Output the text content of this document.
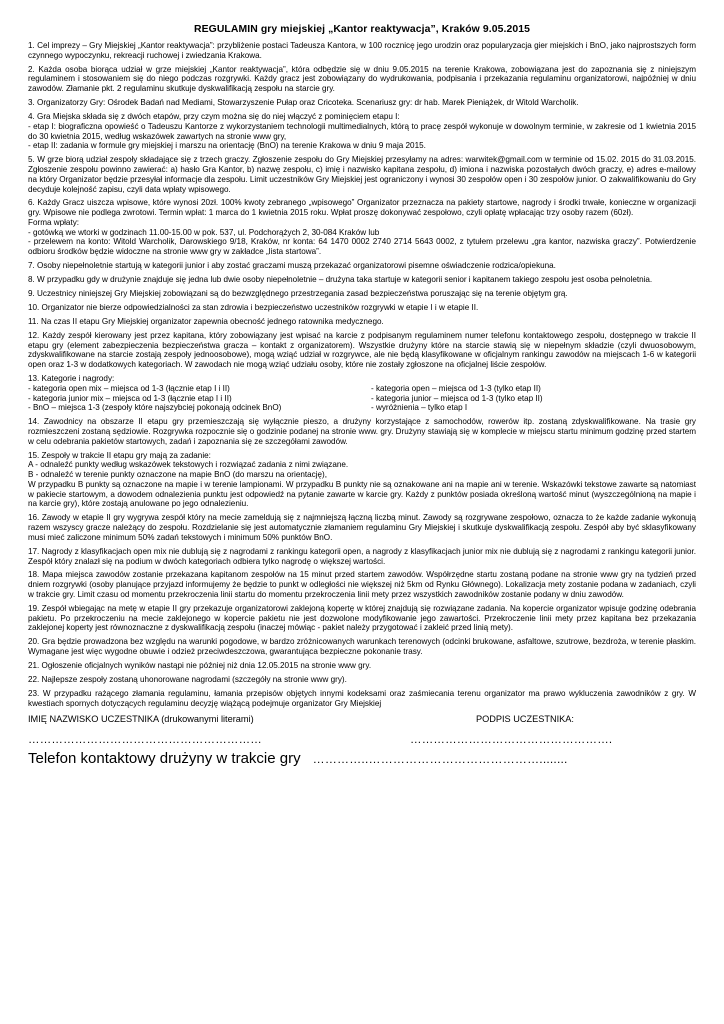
REGULAMIN gry miejskiej „Kantor reaktywacja”, Kraków 9.05.2015
1. Cel imprezy – Gry Miejskiej „Kantor reaktywacja”: przybliżenie postaci Tadeusza Kantora, w 100 rocznicę jego urodzin oraz popularyzacja gier miejskich i BnO, jako najprostszych form czynnego wypoczynku, rekreacji ruchowej i zwiedzania Krakowa.
2. Każda osoba biorąca udział w grze miejskiej „Kantor reaktywacja”, która odbędzie się w dniu 9.05.2015 na terenie Krakowa, zobowiązana jest do zapoznania się z niniejszym regulaminem i stosowaniem się do niego podczas rozgrywki. Każdy gracz jest zobowiązany do wydrukowania, podpisania i przekazania regulaminu organizatorowi, najpóźniej w dniu zawodów. Złamanie pkt. 2 regulaminu skutkuje dyskwalifikacją zespołu na starcie gry.
3. Organizatorzy Gry: Ośrodek Badań nad Mediami, Stowarzyszenie Pułap oraz Cricoteka. Scenariusz gry: dr hab. Marek Pieniążek, dr Witold Warcholik.
4. Gra Miejska składa się z dwóch etapów, przy czym można się do niej włączyć z pominięciem etapu I:
- etap I: biograficzna opowieść o Tadeuszu Kantorze z wykorzystaniem technologii multimedialnych, którą to pracę zespół wykonuje w dowolnym terminie, w zakresie od 1 kwietnia 2015 do 30 kwietnia 2015, według wskazówek zawartych na stronie www gry,
- etap II: zadania w formule gry miejskiej i marszu na orientację (BnO) na terenie Krakowa w dniu 9 maja 2015.
5. W grze biorą udział zespoły składające się z trzech graczy. Zgłoszenie zespołu do Gry Miejskiej przesyłamy na adres: warwitek@gmail.com w terminie od 15.02. 2015 do 31.03.2015. Zgłoszenie zespołu powinno zawierać: a) hasło Gra Kantor, b) nazwę zespołu, c) imię i nazwisko kapitana zespołu, d) imiona i nazwiska pozostałych dwóch graczy, e) adres e-mailowy na który Organizator będzie przesyłał informacje dla zespołu. Limit uczestników Gry Miejskiej jest ograniczony i wynosi 30 zespołów open i 30 zespołów junior. O zakwalifikowaniu do Gry decyduje kolejność zapisu, czyli data wpłaty wpisowego.
6. Każdy Gracz uiszcza wpisowe, które wynosi 20zł. 100% kwoty zebranego „wpisowego” Organizator przeznacza na pakiety startowe, nagrody i środki trwałe, konieczne w organizacji gry. Wpisowe nie podlega zwrotowi. Termin wpłat: 1 marca do 1 kwietnia 2015 roku. Wpłat proszę dokonywać zespołowo, czyli opłatę wpłacając trzy osoby razem (60zł).
Forma wpłaty:
- gotówką we wtorki w godzinach 11.00-15.00 w pok. 537, ul. Podchorążych 2, 30-084 Kraków lub
- przelewem na konto: Witold Warcholik, Darowskiego 9/18, Kraków, nr konta: 64 1470 0002 2740 2714 5643 0002, z tytułem przelewu „gra kantor, nazwiska graczy”. Potwierdzenie odbioru środków będzie widoczne na stronie www gry w zakładce „lista startowa”.
7. Osoby niepełnoletnie startują w kategorii junior i aby zostać graczami muszą przekazać organizatorowi pisemne oświadczenie rodzica/opiekuna.
8. W przypadku gdy w drużynie znajduje się jedna lub dwie osoby niepełnoletnie – drużyna taka startuje w kategorii senior i kapitanem takiego zespołu jest osoba pełnoletnia.
9. Uczestnicy niniejszej Gry Miejskiej zobowiązani są do bezwzględnego przestrzegania zasad bezpieczeństwa poruszając się na terenie objętym grą.
10. Organizator nie bierze odpowiedzialności za stan zdrowia i bezpieczeństwo uczestników rozgrywki w etapie I i w etapie II.
11. Na czas II etapu Gry Miejskiej organizator zapewnia obecność jednego ratownika medycznego.
12. Każdy zespół kierowany jest przez kapitana, który zobowiązany jest wpisać na karcie z podpisanym regulaminem numer telefonu kontaktowego zespołu, dostępnego w trakcie II etapu gry (element zabezpieczenia bezpieczeństwa gracza – kontakt z organizatorem). Wszystkie drużyny które na starcie stawią się w niepełnym składzie (czyli dwuosobowym, zdyskwalifikowane na starcie zostają zespoły jednoosobowe), mogą wziąć udział w rozgrywce, ale nie będą klasyfikowane w oficjalnym rankingu zawodów na miejscach 1-6 w kategorii open oraz 1-3 w dodatkowych kategoriach. W zawodach nie mogą wziąć udziału osoby, które nie zostały zgłoszone na oficjalnej liście zespołów.
13. Kategorie i nagrody:
- kategoria open mix – miejsca od 1-3 (łącznie etap I i II)
- kategoria junior mix – miejsca od 1-3 (łącznie etap I i II)
- BnO – miejsca 1-3 (zespoły które najszybciej pokonają odcinek BnO)
- kategoria open – miejsca od 1-3 (tylko etap II)
- kategoria junior – miejsca od 1-3 (tylko etap II)
- wyróżnienia – tylko etap I
14. Zawodnicy na obszarze II etapu gry przemieszczają się wyłącznie pieszo, a drużyny korzystające z samochodów, rowerów itp. zostaną zdyskwalifikowane. Na trasie gry rozmieszczeni zostaną sędziowie. Rozgrywka rozpocznie się o godzinie podanej na stronie www. gry. Drużyny stawiają się w komplecie w miejscu startu minimum godzinę przed startem w celu odebrania pakietów startowych, zadań i zapoznania się ze szczegółami zawodów.
15. Zespoły w trakcie II etapu gry mają za zadanie:
A - odnaleźć punkty według wskazówek tekstowych i rozwiązać zadania z nimi związane.
B - odnaleźć w terenie punkty oznaczone na mapie BnO (do marszu na orientację),
W przypadku B punkty są oznaczone na mapie i w terenie lampionami. W przypadku B punkty nie są oznakowane ani na mapie ani w terenie. Wskazówki tekstowe zawarte są natomiast w pakiecie startowym, a dowodem odnalezienia punktu jest odpowiedź na pytanie zawarte w karcie gry. Każdy z punktów posiada określoną wartość minut (wyszczególnioną na mapie i na karcie gry), które zostają anulowane po jego odnalezieniu.
16. Zawody w etapie II gry wygrywa zespół który na mecie zameldują się z najmniejszą łączną liczbą minut. Zawody są rozgrywane zespołowo, oznacza to że każde zadanie wykonują razem wszyscy gracze należący do zespołu. Rozdzielanie się jest automatycznie złamaniem regulaminu Gry Miejskiej i skutkuje dyskwalifikacją zespołu. Zespół aby być sklasyfikowany musi mieć zaliczone minimum 50% zadań tekstowych i minimum 50% punktów BnO.
17. Nagrody z klasyfikacjach open mix nie dublują się z nagrodami z rankingu kategorii open, a nagrody z klasyfikacjach junior mix nie dublują się z nagrodami z rankingu kategorii junior. Zespół który znalazł się na podium w dwóch kategoriach odbiera tylko nagrodę o większej wartości.
18. Mapa miejsca zawodów zostanie przekazana kapitanom zespołów na 15 minut przed startem zawodów. Współrzędne startu zostaną podane na stronie www gry na tydzień przed dniem rozgrywki (osoby planujące przyjazd informujemy że będzie to punkt w odległości nie większej niż 5km od Rynku Głównego). Lokalizacja mety zostanie podana w zadaniach, czyli w trakcie gry. Limit czasu od momentu przekroczenia linii startu do momentu przekroczenia linii mety przez wszystkich zawodników zostanie podany w dniu zawodów.
19. Zespół wbiegając na metę w etapie II gry przekazuje organizatorowi zaklejoną kopertę w której znajdują się rozwiązane zadania. Na kopercie organizator wpisuje godzinę odebrania pakietu. Po przekroczeniu na mecie zaklejonego w kopercie pakietu nie jest dozwolone modyfikowanie jego zawartości. Przekroczenie linii mety przez kapitana bez przekazania zaklejonej koperty jest równoznaczne z dyskwalifikacją zespołu (inaczej mówiąc - pakiet należy przygotować i zakleić przed linią mety).
20. Gra będzie prowadzona bez względu na warunki pogodowe, w bardzo zróżnicowanych warunkach terenowych (odcinki brukowane, asfaltowe, szutrowe, bezdroża, w terenie płaskim. Wymagane jest więc wygodne obuwie i odzież przeciwdeszczowa, gwarantująca bezpieczne pokonanie trasy.
21. Ogłoszenie oficjalnych wyników nastąpi nie później niż dnia 12.05.2015 na stronie www gry.
22. Najlepsze zespoły zostaną uhonorowane nagrodami (szczegóły na stronie www gry).
23. W przypadku rażącego złamania regulaminu, łamania przepisów objętych innymi kodeksami oraz zaśmiecania terenu organizator ma prawo wykluczenia zawodników z gry. W kwestiach spornych dotyczących regulaminu decyzję wiążącą podejmuje organizator Gry Miejskiej
IMIĘ NAZWISKO UCZESTNIKA (drukowanymi literami)	PODPIS UCZESTNIKA:
……………………………………………………	…………………………………………….
Telefon kontaktowy drużyny w trakcie gry …………..……………………………………........
